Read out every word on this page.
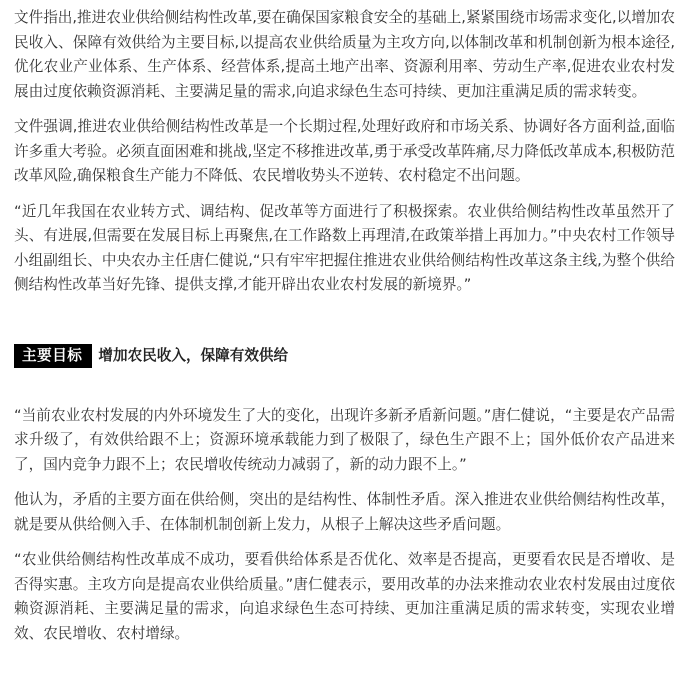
文件指出,推进农业供给侧结构性改革,要在确保国家粮食安全的基础上,紧紧围绕市场需求变化,以增加农民收入、保障有效供给为主要目标,以提高农业供给质量为主攻方向,以体制改革和机制创新为根本途径,优化农业产业体系、生产体系、经营体系,提高土地产出率、资源利用率、劳动生产率,促进农业农村发展由过度依赖资源消耗、主要满足量的需求,向追求绿色生态可持续、更加注重满足质的需求转变。

文件强调,推进农业供给侧结构性改革是一个长期过程,处理好政府和市场关系、协调好各方面利益,面临许多重大考验。必须直面困难和挑战,坚定不移推进改革,勇于承受改革阵痛,尽力降低改革成本,积极防范改革风险,确保粮食生产能力不降低、农民增收势头不逆转、农村稳定不出问题。

“近几年我国在农业转方式、调结构、促改革等方面进行了积极探索。农业供给侧结构性改革虽然开了头、有进展,但需要在发展目标上再聚焦,在工作路数上再理清,在政策举措上再加力。”中央农村工作领导小组副组长、中央农办主任唐仁健说,“只有牢牢把握住推进农业供给侧结构性改革这条主线,为整个供给侧结构性改革当好先锋、提供支撑,才能开辟出农业农村发展的新境界。”

主要目标	增加农民收入，保障有效供给

“当前农业农村发展的内外环境发生了大的变化，出现许多新矛盾新问题。”唐仁健说，“主要是农产品需求升级了，有效供给跟不上；资源环境承载能力到了极限了，绿色生产跟不上；国外低价农产品进来了，国内竞争力跟不上；农民增收传统动力减弱了，新的动力跟不上。”

他认为，矛盾的主要方面在供给侧，突出的是结构性、体制性矛盾。深入推进农业供给侧结构性改革，就是要从供给侧入手、在体制机制创新上发力，从根子上解决这些矛盾问题。

“农业供给侧结构性改革成不成功，要看供给体系是否优化、效率是否提高，更要看农民是否增收、是否得实惠。主攻方向是提高农业供给质量。”唐仁健表示，要用改革的办法来推动农业农村发展由过度依赖资源消耗、主要满足量的需求，向追求绿色生态可持续、更加注重满足质的需求转变，实现农业增效、农民增收、农村增绿。
